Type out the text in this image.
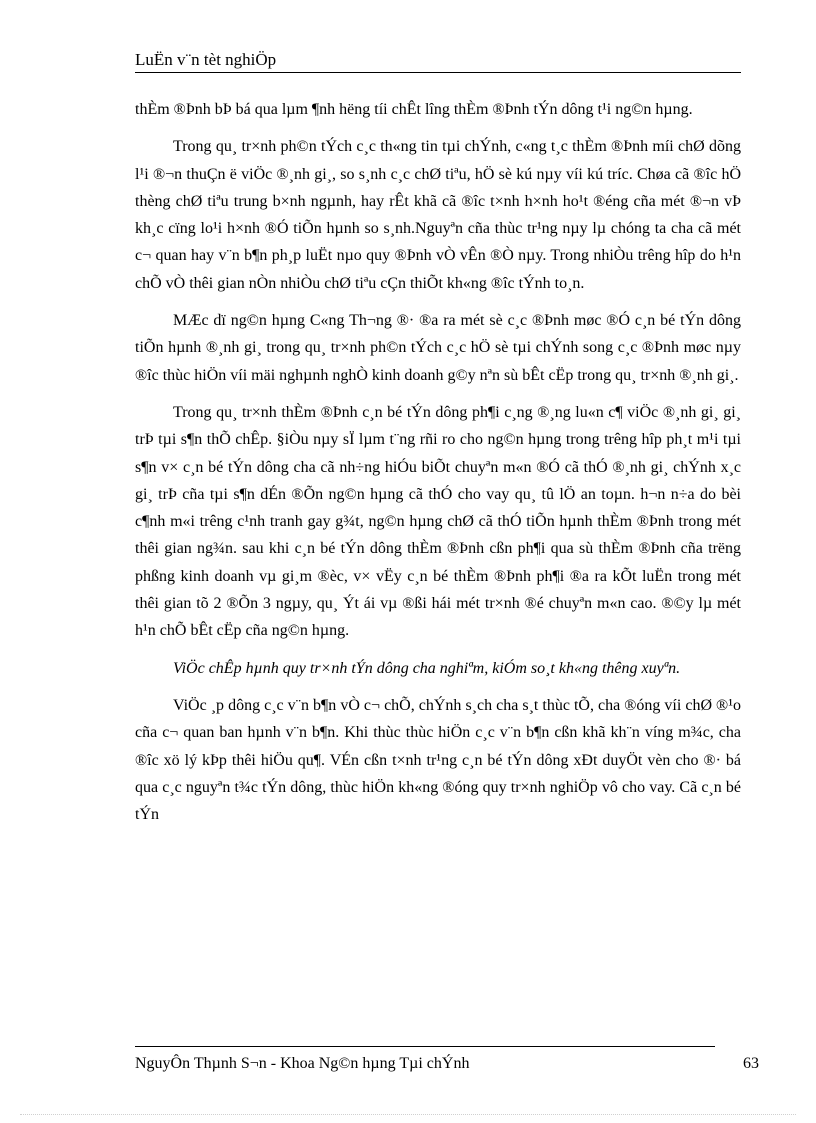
LuËn v¨n tèt nghiÖp

thÈm ®Þnh bÞ bá qua lµm ¶nh hëng tíi chÊt lîng thÈm ®Þnh tÝn dông t¹i ng©n hµng.

Trong qu¸ tr×nh ph©n tÝch c¸c th«ng tin tµi chÝnh, c«ng t¸c thÈm ®Þnh míi chØ dõng l¹i ®¬n thuÇn ë viÖc ®¸nh gi¸, so s¸nh c¸c chØ tiªu, hÖ sè kú nµy víi kú tríc. Chøa cã ®îc hÖ thèng chØ tiªu trung b×nh ngµnh, hay rÊt khã cã ®îc t×nh h×nh ho¹t ®éng cña mét ®¬n vÞ kh¸c cïng lo¹i h×nh ®Ó tiÕn hµnh so s¸nh.Nguyªn cña thùc tr¹ng nµy lµ chóng ta cha cã mét c¬ quan hay v¨n b¶n ph¸p luËt nµo quy ®Þnh vÒ vÊn ®Ò nµy. Trong nhiÒu trêng hîp do h¹n chÕ vÒ thêi gian nÒn nhiÒu chØ tiªu cÇn thiÕt kh«ng ®îc tÝnh to¸n.

MÆc dï ng©n hµng C«ng Th¬ng ®· ®a ra mét sè c¸c ®Þnh møc ®Ó c¸n bé tÝn dông tiÕn hµnh ®¸nh gi¸ trong qu¸ tr×nh ph©n tÝch c¸c hÖ sè tµi chÝnh song c¸c ®Þnh møc nµy ®îc thùc hiÖn víi mäi nghµnh nghÒ kinh doanh g©y nªn sù bÊt cËp trong qu¸ tr×nh ®¸nh gi¸.

Trong qu¸ tr×nh thÈm ®Þnh c¸n bé tÝn dông ph¶i c¸ng ®¸ng lu«n c¶ viÖc ®¸nh gi¸ gi¸ trÞ tµi s¶n thÕ chÊp. §iÒu nµy sÏ lµm t¨ng rñi ro cho ng©n hµng trong trêng hîp ph¸t m¹i tµi s¶n v× c¸n bé tÝn dông cha cã nh÷ng hiÓu biÕt chuyªn m«n ®Ó cã thÓ ®¸nh gi¸ chÝnh x¸c gi¸ trÞ cña tµi s¶n dÉn ®Õn ng©n hµng cã thÓ cho vay qu¸ tû lÖ an toµn. h¬n n÷a do bèi c¶nh m«i trêng c¹nh tranh gay g¾t, ng©n hµng chØ cã thÓ tiÕn hµnh thÈm ®Þnh trong mét thêi gian ng¾n. sau khi c¸n bé tÝn dông thÈm ®Þnh cßn ph¶i qua sù thÈm ®Þnh cña trëng phßng kinh doanh vµ gi¸m ®èc, v× vËy c¸n bé thÈm ®Þnh ph¶i ®a ra kÕt luËn trong mét thêi gian tõ 2 ®Õn 3 ngµy, qu¸ Ýt ái vµ ®ßi hái mét tr×nh ®é chuyªn m«n cao. ®©y lµ mét h¹n chÕ bÊt cËp cña ng©n hµng.

ViÖc chÊp hµnh quy tr×nh tÝn dông cha nghiªm, kiÓm so¸t kh«ng thêng xuyªn.

ViÖc ¸p dông c¸c v¨n b¶n vÒ c¬ chÕ, chÝnh s¸ch cha s¸t thùc tÕ, cha ®óng víi chØ ®¹o cña c¬ quan ban hµnh v¨n b¶n. Khi thùc thùc hiÖn c¸c v¨n b¶n cßn khã kh¨n víng m¾c, cha ®îc xö lý kÞp thêi hiÖu qu¶. VÉn cßn t×nh tr¹ng c¸n bé tÝn dông xÐt duyÖt vèn cho ®· bá qua c¸c nguyªn t¾c tÝn dông, thùc hiÖn kh«ng ®óng quy tr×nh nghiÖp vô cho vay. Cã c¸n bé tÝn

NguyÔn Thµnh S¬n - Khoa Ng©n hµng Tµi chÝnh	63
